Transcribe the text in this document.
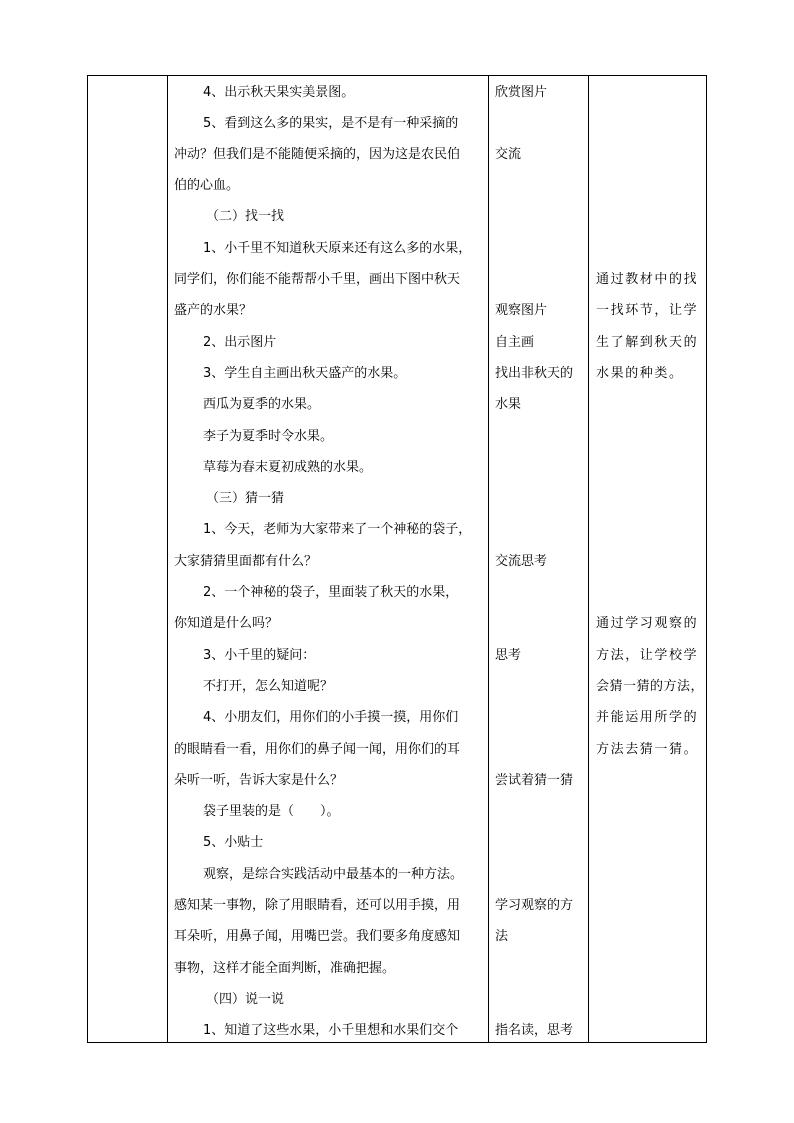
4、出示秋天果实美景图。
5、看到这么多的果实，是不是有一种采摘的
冲动？但我们是不能随便采摘的，因为这是农民伯
伯的心血。
（二）找一找
1、小千里不知道秋天原来还有这么多的水果，
同学们，你们能不能帮帮小千里，画出下图中秋天
盛产的水果？
2、出示图片
3、学生自主画出秋天盛产的水果。
西瓜为夏季的水果。
李子为夏季时令水果。
草莓为春末夏初成熟的水果。
（三）猜一猜
1、今天，老师为大家带来了一个神秘的袋子，
大家猜猜里面都有什么？
2、一个神秘的袋子，里面装了秋天的水果，
你知道是什么吗？
3、小千里的疑问：
不打开，怎么知道呢？
4、小朋友们，用你们的小手摸一摸，用你们
的眼睛看一看，用你们的鼻子闻一闻，用你们的耳
朵听一听，告诉大家是什么？
袋子里装的是（　　）。
5、小贴士
观察，是综合实践活动中最基本的一种方法。
感知某一事物，除了用眼睛看，还可以用手摸，用
耳朵听，用鼻子闻，用嘴巴尝。我们要多角度感知
事物，这样才能全面判断，准确把握。
（四）说一说
1、知道了这些水果，小千里想和水果们交个
欣赏图片
交流
观察图片
自主画
找出非秋天的
水果
交流思考
思考
尝试着猜一猜
学习观察的方
法
指名读，思考
通过教材中的找
一找环节，让学
生了解到秋天的
水果的种类。
通过学习观察的
方法，让学校学
会猜一猜的方法，
并能运用所学的
方法去猜一猜。
